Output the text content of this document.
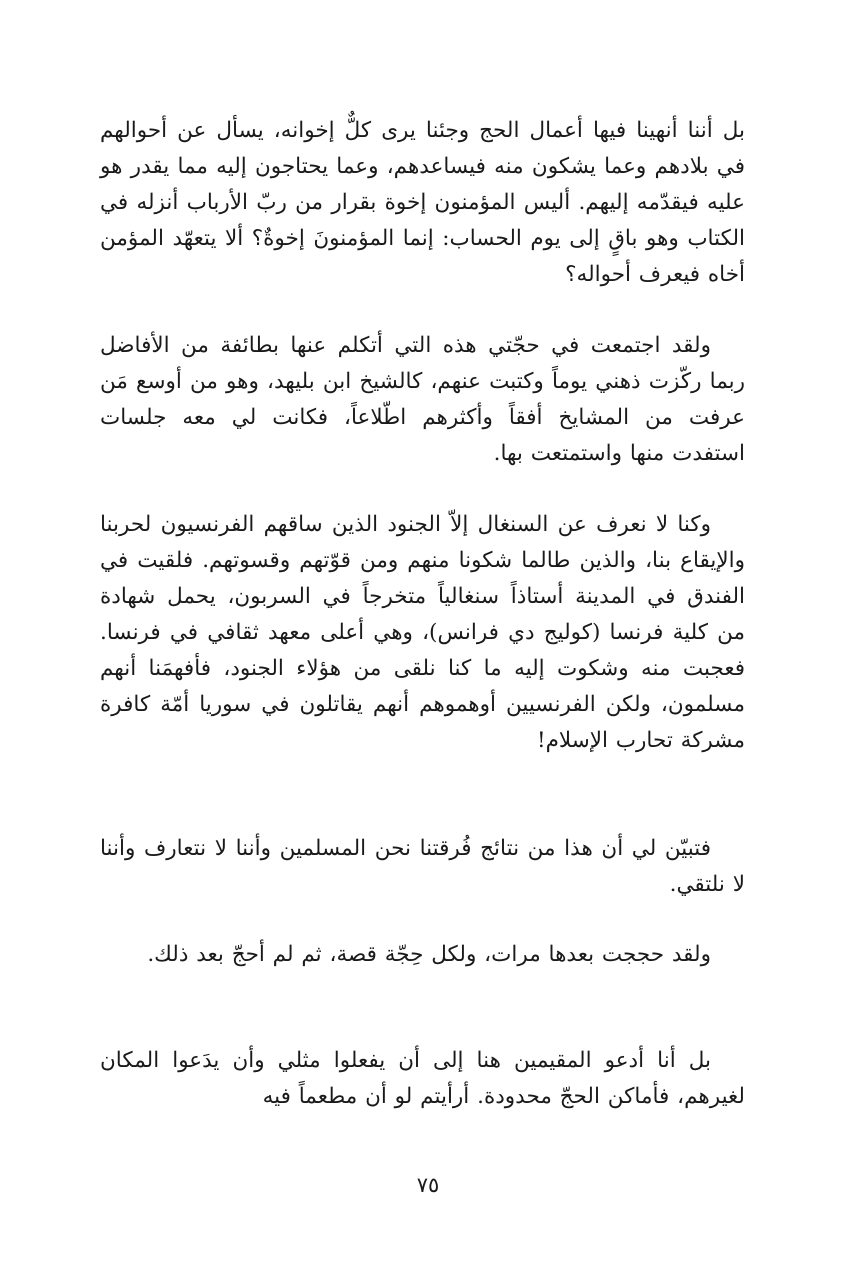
بل أننا أنهينا فيها أعمال الحج وجئنا يرى كلٌّ إخوانه، يسأل عن أحوالهم في بلادهم وعما يشكون منه فيساعدهم، وعما يحتاجون إليه مما يقدر هو عليه فيقدّمه إليهم. أليس المؤمنون إخوة بقرار من ربّ الأرباب أنزله في الكتاب وهو باقٍ إلى يوم الحساب: إنما المؤمنونَ إخوةٌ؟ ألا يتعهّد المؤمن أخاه فيعرف أحواله؟

ولقد اجتمعت في حجّتي هذه التي أتكلم عنها بطائفة من الأفاضل ربما ركّزت ذهني يوماً وكتبت عنهم، كالشيخ ابن بليهد، وهو من أوسع مَن عرفت من المشايخ أفقاً وأكثرهم اطّلاعاً، فكانت لي معه جلسات استفدت منها واستمتعت بها.

وكنا لا نعرف عن السنغال إلاّ الجنود الذين ساقهم الفرنسيون لحربنا والإيقاع بنا، والذين طالما شكونا منهم ومن قوّتهم وقسوتهم. فلقيت في الفندق في المدينة أستاذاً سنغالياً متخرجاً في السربون، يحمل شهادة من كلية فرنسا (كوليج دي فرانس)، وهي أعلى معهد ثقافي في فرنسا. فعجبت منه وشكوت إليه ما كنا نلقى من هؤلاء الجنود، فأفهمَنا أنهم مسلمون، ولكن الفرنسيين أوهموهم أنهم يقاتلون في سوريا أمّة كافرة مشركة تحارب الإسلام!

فتبيّن لي أن هذا من نتائج فُرقتنا نحن المسلمين وأننا لا نتعارف وأننا لا نلتقي.

ولقد حججت بعدها مرات، ولكل حِجّة قصة، ثم لم أحجّ بعد ذلك.

بل أنا أدعو المقيمين هنا إلى أن يفعلوا مثلي وأن يدَعوا المكان لغيرهم، فأماكن الحجّ محدودة. أرأيتم لو أن مطعماً فيه

٧٥
